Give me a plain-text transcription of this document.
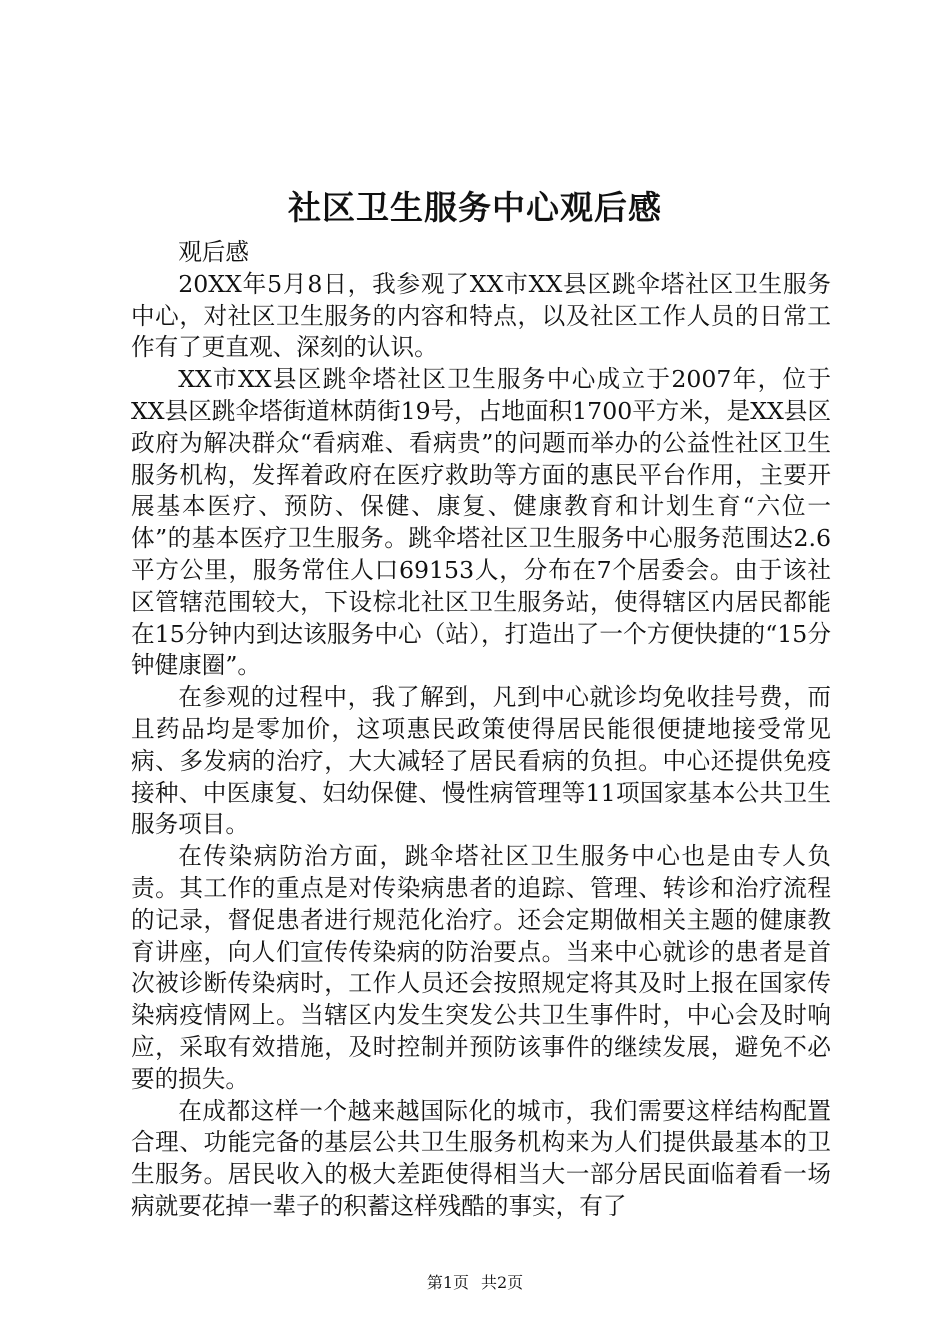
社区卫生服务中心观后感

观后感

20XX年5月8日，我参观了XX市XX县区跳伞塔社区卫生服务中心，对社区卫生服务的内容和特点，以及社区工作人员的日常工作有了更直观、深刻的认识。

XX市XX县区跳伞塔社区卫生服务中心成立于2007年，位于XX县区跳伞塔街道林荫街19号，占地面积1700平方米，是XX县区政府为解决群众“看病难、看病贵”的问题而举办的公益性社区卫生服务机构，发挥着政府在医疗救助等方面的惠民平台作用，主要开展基本医疗、预防、保健、康复、健康教育和计划生育“六位一体”的基本医疗卫生服务。跳伞塔社区卫生服务中心服务范围达2.6平方公里，服务常住人口69153人，分布在7个居委会。由于该社区管辖范围较大，下设棕北社区卫生服务站，使得辖区内居民都能在15分钟内到达该服务中心（站），打造出了一个方便快捷的“15分钟健康圈”。

在参观的过程中，我了解到，凡到中心就诊均免收挂号费，而且药品均是零加价，这项惠民政策使得居民能很便捷地接受常见病、多发病的治疗，大大减轻了居民看病的负担。中心还提供免疫接种、中医康复、妇幼保健、慢性病管理等11项国家基本公共卫生服务项目。

在传染病防治方面，跳伞塔社区卫生服务中心也是由专人负责。其工作的重点是对传染病患者的追踪、管理、转诊和治疗流程的记录，督促患者进行规范化治疗。还会定期做相关主题的健康教育讲座，向人们宣传传染病的防治要点。当来中心就诊的患者是首次被诊断传染病时，工作人员还会按照规定将其及时上报在国家传染病疫情网上。当辖区内发生突发公共卫生事件时，中心会及时响应，采取有效措施，及时控制并预防该事件的继续发展，避免不必要的损失。

在成都这样一个越来越国际化的城市，我们需要这样结构配置合理、功能完备的基层公共卫生服务机构来为人们提供最基本的卫生服务。居民收入的极大差距使得相当大一部分居民面临着看一场病就要花掉一辈子的积蓄这样残酷的事实，有了

第1页 共2页
